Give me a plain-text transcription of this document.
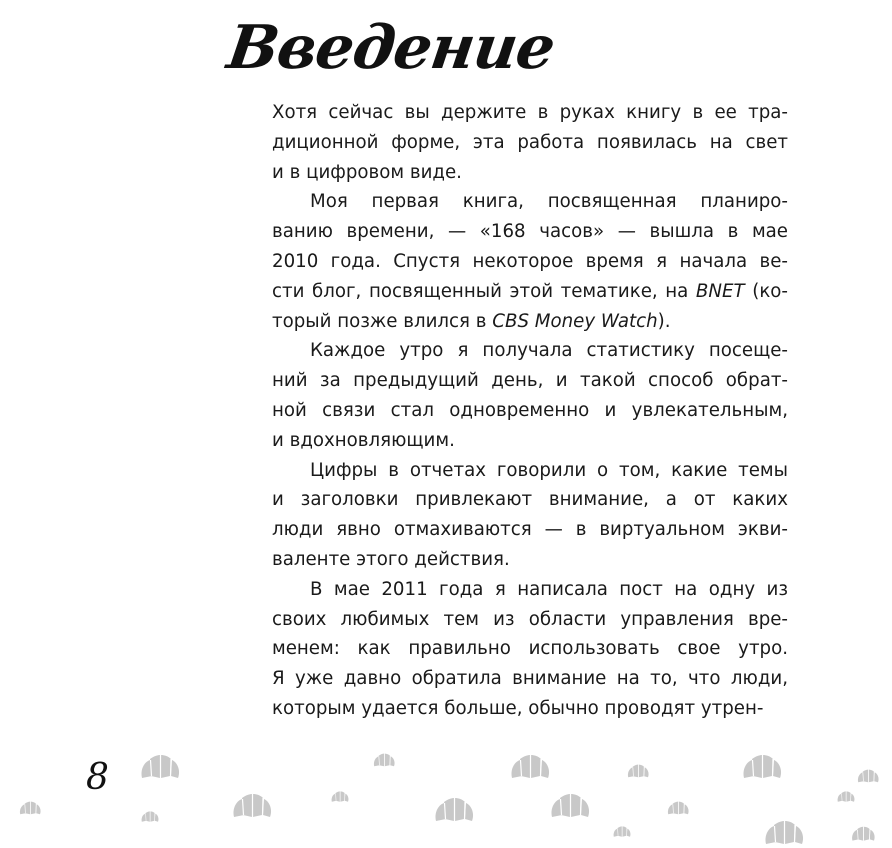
Введение
Хотя сейчас вы держите в руках книгу в ее тра-
диционной форме, эта работа появилась на свет
и в цифровом виде.
Моя первая книга, посвященная планиро-
ванию времени, — «168 часов» — вышла в мае
2010 года. Спустя некоторое время я начала ве-
сти блог, посвященный этой тематике, на BNET (ко-
торый позже влился в CBS Money Watch).
Каждое утро я получала статистику посеще-
ний за предыдущий день, и такой способ обрат-
ной связи стал одновременно и увлекательным,
и вдохновляющим.
Цифры в отчетах говорили о том, какие темы
и заголовки привлекают внимание, а от каких
люди явно отмахиваются — в виртуальном экви-
валенте этого действия.
В мае 2011 года я написала пост на одну из
своих любимых тем из области управления вре-
менем: как правильно использовать свое утро.
Я уже давно обратила внимание на то, что люди,
которым удается больше, обычно проводят утрен-
8
